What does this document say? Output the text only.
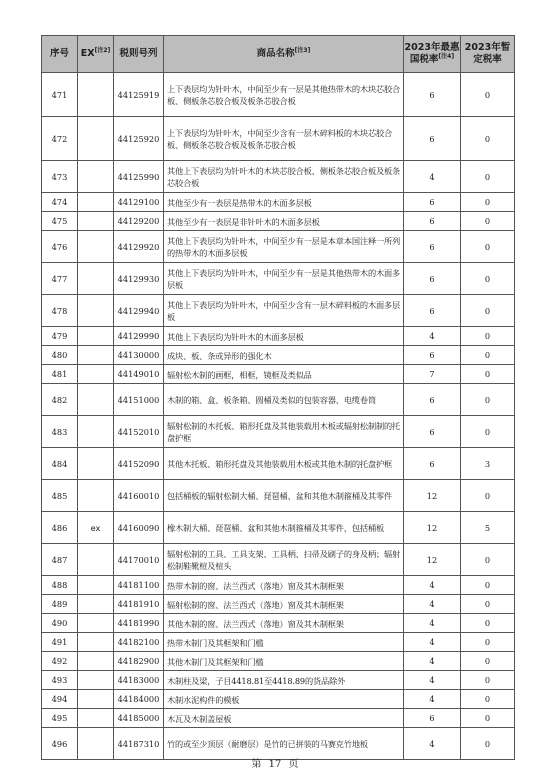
序号	EX[注2]	税则号列	商品名称[注3]	2023年最惠
国税率[注4]	2023年暂
定税率
471		44125919	上下表层均为针叶木，中间至少有一层是其他热带木的木块芯胶合板、侧板条芯胶合板及板条芯胶合板	6	0
472		44125920	上下表层均为针叶木，中间至少含有一层木碎料板的木块芯胶合板、侧板条芯胶合板及板条芯胶合板	6	0
473		44125990	其他上下表层均为针叶木的木块芯胶合板、侧板条芯胶合板及板条芯胶合板	4	0
474		44129100	其他至少有一表层是热带木的木面多层板	6	0
475		44129200	其他至少有一表层是非针叶木的木面多层板	6	0
476		44129920	其他上下表层均为针叶木，中间至少有一层是本章本国注释一所列的热带木的木面多层板	6	0
477		44129930	其他上下表层均为针叶木，中间至少有一层是其他热带木的木面多层板	6	0
478		44129940	其他上下表层均为针叶木，中间至少含有一层木碎料板的木面多层板	6	0
479		44129990	其他上下表层均为针叶木的木面多层板	4	0
480		44130000	成块、板、条或异形的强化木	6	0
481		44149010	辐射松木制的画框，相框，镜框及类似品	7	0
482		44151000	木制的箱、盒、板条箱、圆桶及类似的包装容器、电缆卷筒	6	0
483		44152010	辐射松制的木托板、箱形托盘及其他装载用木板或辐射松制制的托盘护框	6	0
484		44152090	其他木托板、箱形托盘及其他装载用木板或其他木制的托盘护框	6	3
485		44160010	包括桶板的辐射松制大桶、琵琶桶、盆和其他木制箍桶及其零件	12	0
486	ex	44160090	橡木制大桶、琵琶桶、盆和其他木制箍桶及其零件，包括桶板	12	5
487		44170010	辐射松制的工具、工具支架、工具柄、扫帚及刷子的身及柄；辐射松制鞋靴楦及楦头	12	0
488		44181100	热带木制的窗、法兰西式（落地）窗及其木制框架	4	0
489		44181910	辐射松制的窗、法兰西式（落地）窗及其木制框架	4	0
490		44181990	其他木制的窗、法兰西式（落地）窗及其木制框架	4	0
491		44182100	热带木制门及其框架和门槛	4	0
492		44182900	其他木制门及其框架和门槛	4	0
493		44183000	木制柱及梁，子目4418.81至4418.89的货品除外	4	0
494		44184000	木制水泥构件的模板	4	0
495		44185000	木瓦及木制盖屋板	6	0
496		44187310	竹的或至少顶层（耐磨层）是竹的已拼装的马赛克竹地板	4	0
第 17 页
